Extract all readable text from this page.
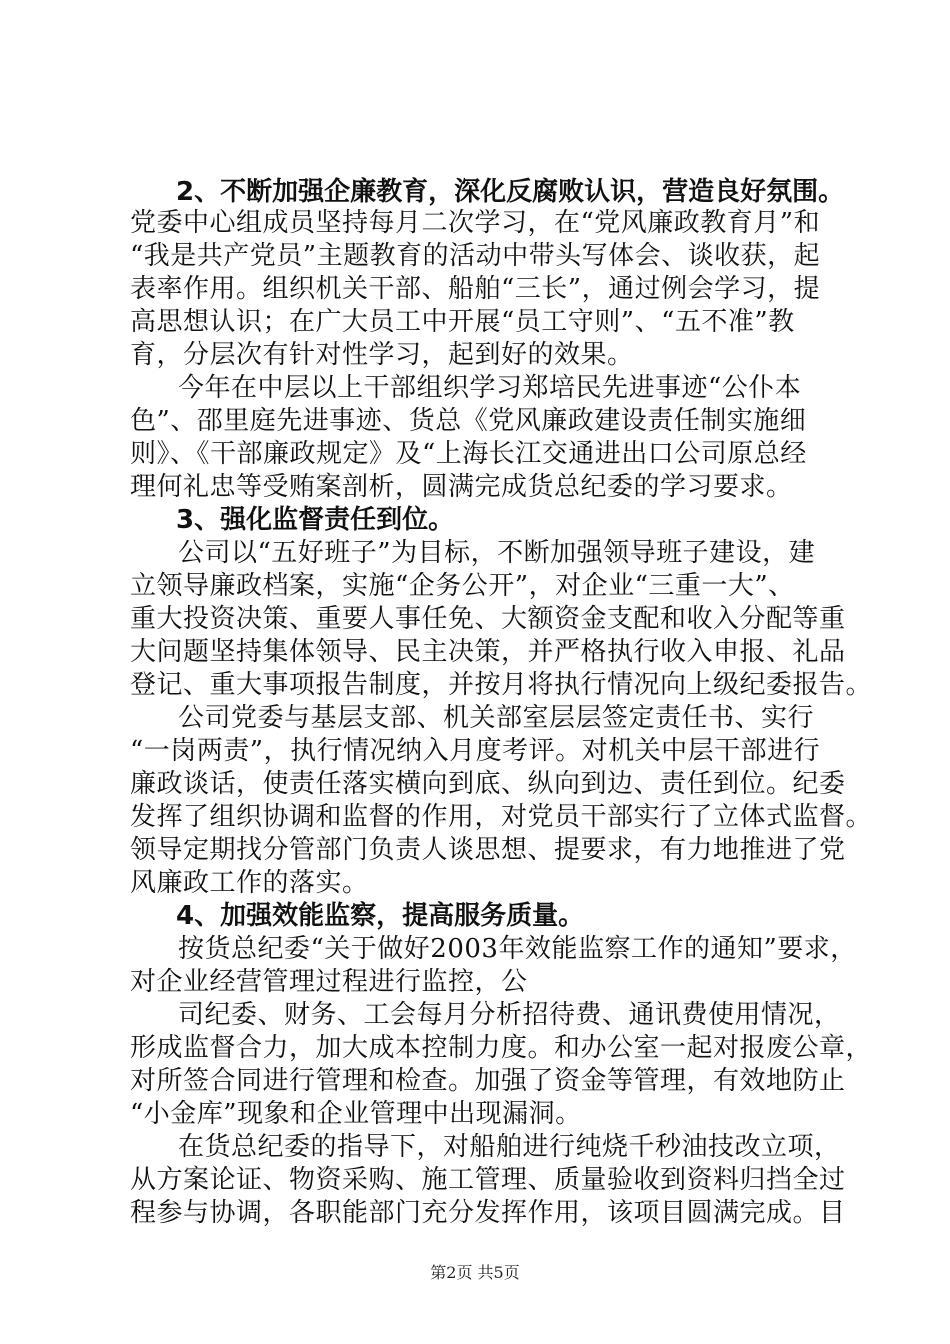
2、不断加强企廉教育，深化反腐败认识，营造良好氛围。
党委中心组成员坚持每月二次学习，在“党风廉政教育月”和
“我是共产党员”主题教育的活动中带头写体会、谈收获，起
表率作用。组织机关干部、船舶“三长”，通过例会学习，提
高思想认识；在广大员工中开展“员工守则”、“五不准”教
育，分层次有针对性学习，起到好的效果。
今年在中层以上干部组织学习郑培民先进事迹“公仆本
色”、邵里庭先进事迹、货总《党风廉政建设责任制实施细
则》、《干部廉政规定》及“上海长江交通进出口公司原总经
理何礼忠等受贿案剖析，圆满完成货总纪委的学习要求。
3、强化监督责任到位。
公司以“五好班子”为目标，不断加强领导班子建设，建
立领导廉政档案，实施“企务公开”，对企业“三重一大”、
重大投资决策、重要人事任免、大额资金支配和收入分配等重
大问题坚持集体领导、民主决策，并严格执行收入申报、礼品
登记、重大事项报告制度，并按月将执行情况向上级纪委报告。
公司党委与基层支部、机关部室层层签定责任书、实行
“一岗两责”，执行情况纳入月度考评。对机关中层干部进行
廉政谈话，使责任落实横向到底、纵向到边、责任到位。纪委
发挥了组织协调和监督的作用，对党员干部实行了立体式监督。
领导定期找分管部门负责人谈思想、提要求，有力地推进了党
风廉政工作的落实。
4、加强效能监察，提高服务质量。
按货总纪委“关于做好2003年效能监察工作的通知”要求，
对企业经营管理过程进行监控，公
司纪委、财务、工会每月分析招待费、通讯费使用情况，
形成监督合力，加大成本控制力度。和办公室一起对报废公章，
对所签合同进行管理和检查。加强了资金等管理，有效地防止
“小金库”现象和企业管理中出现漏洞。
在货总纪委的指导下，对船舶进行纯烧千秒油技改立项，
从方案论证、物资采购、施工管理、质量验收到资料归挡全过
程参与协调，各职能部门充分发挥作用，该项目圆满完成。目
第2页 共5页
